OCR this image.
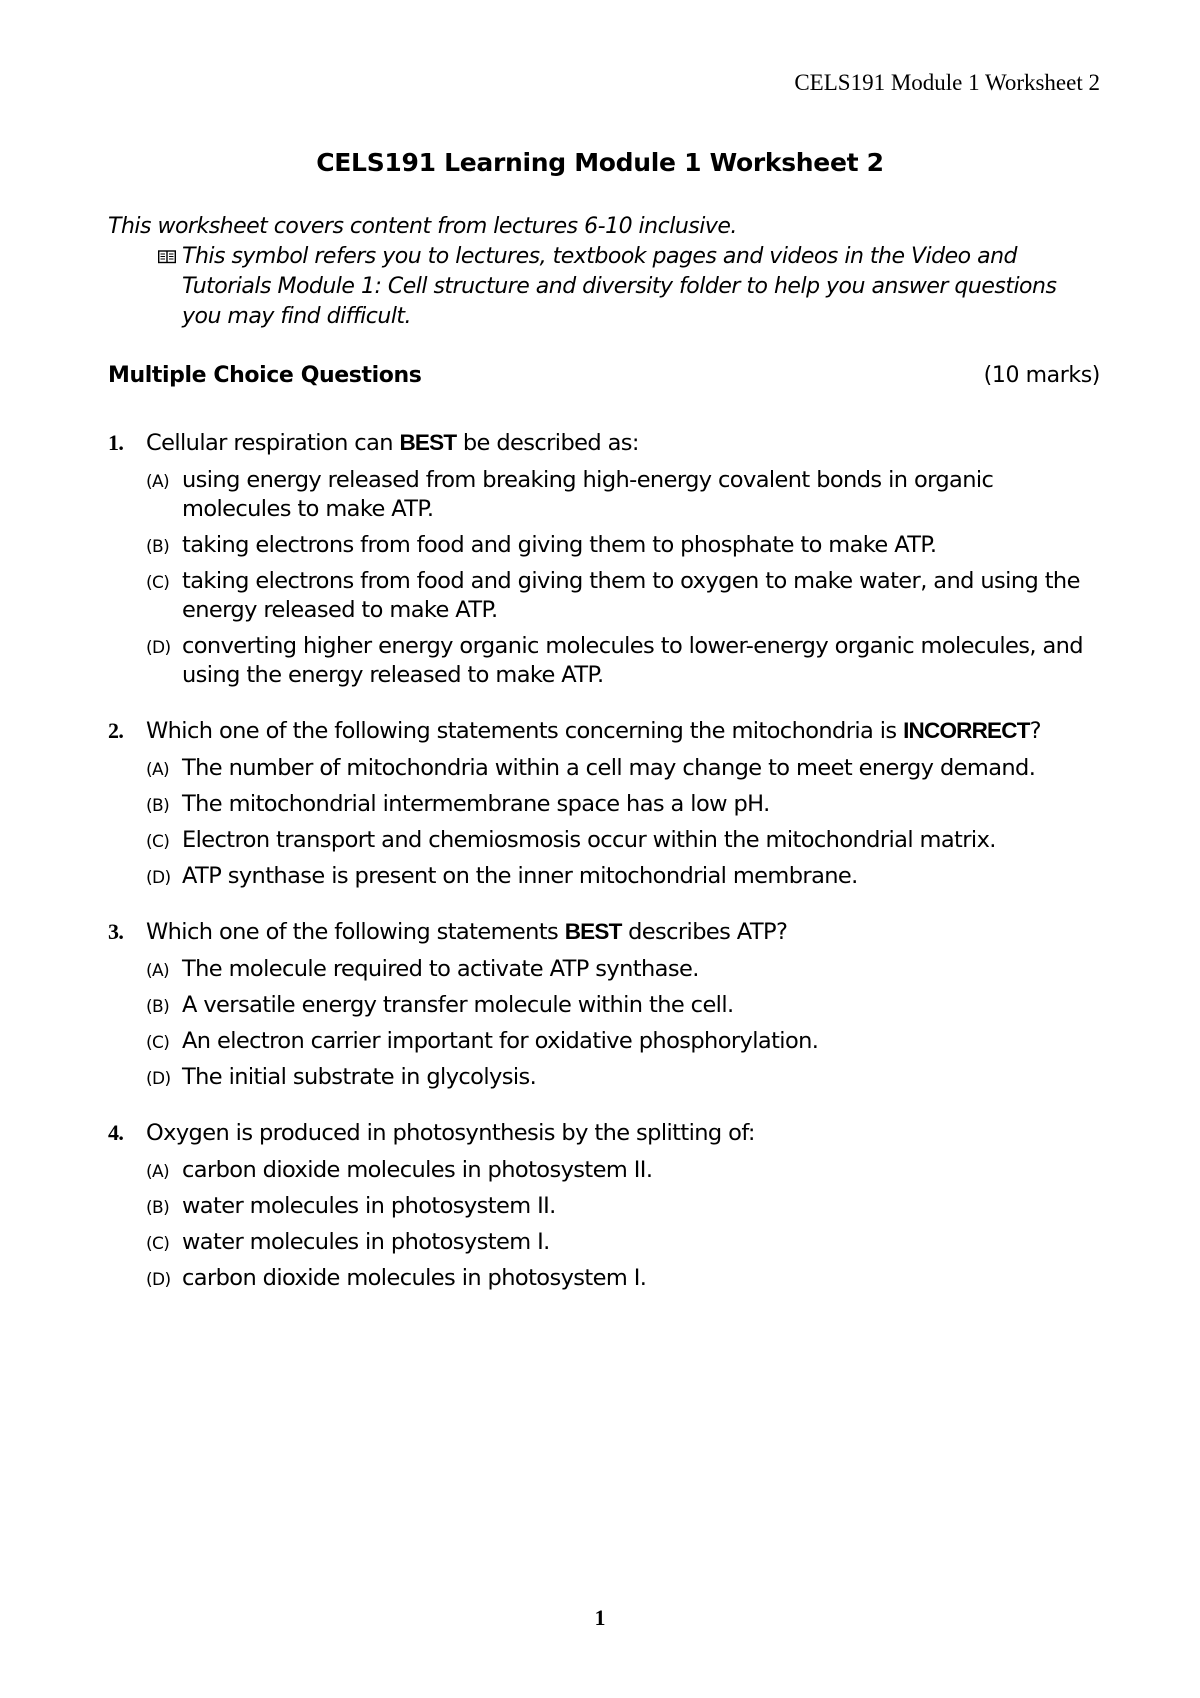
CELS191 Module 1 Worksheet 2
CELS191 Learning Module 1 Worksheet 2
This worksheet covers content from lectures 6-10 inclusive.
This symbol refers you to lectures, textbook pages and videos in the Video and Tutorials Module 1: Cell structure and diversity folder to help you answer questions you may find difficult.
Multiple Choice Questions	(10 marks)
1. Cellular respiration can BEST be described as:
(A) using energy released from breaking high-energy covalent bonds in organic molecules to make ATP.
(B) taking electrons from food and giving them to phosphate to make ATP.
(C) taking electrons from food and giving them to oxygen to make water, and using the energy released to make ATP.
(D) converting higher energy organic molecules to lower-energy organic molecules, and using the energy released to make ATP.
2. Which one of the following statements concerning the mitochondria is INCORRECT?
(A) The number of mitochondria within a cell may change to meet energy demand.
(B) The mitochondrial intermembrane space has a low pH.
(C) Electron transport and chemiosmosis occur within the mitochondrial matrix.
(D) ATP synthase is present on the inner mitochondrial membrane.
3. Which one of the following statements BEST describes ATP?
(A) The molecule required to activate ATP synthase.
(B) A versatile energy transfer molecule within the cell.
(C) An electron carrier important for oxidative phosphorylation.
(D) The initial substrate in glycolysis.
4. Oxygen is produced in photosynthesis by the splitting of:
(A) carbon dioxide molecules in photosystem II.
(B) water molecules in photosystem II.
(C) water molecules in photosystem I.
(D) carbon dioxide molecules in photosystem I.
1
